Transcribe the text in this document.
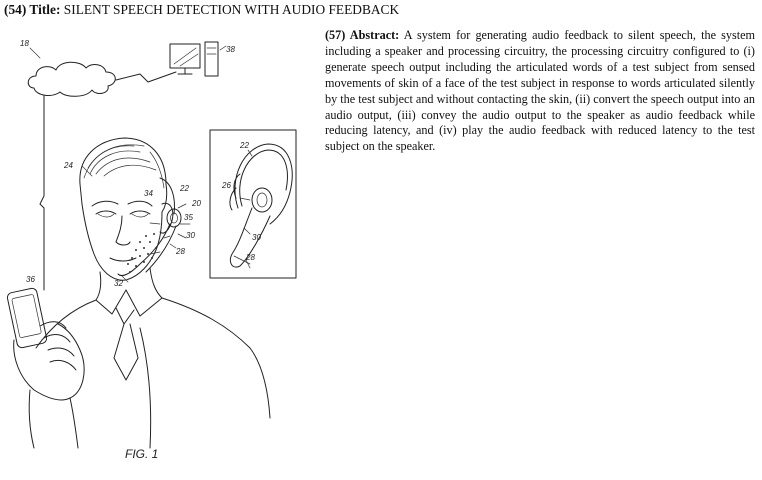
(54) Title: SILENT SPEECH DETECTION WITH AUDIO FEEDBACK
18
38
24
22
34
20
35
30
28
32
36
22
26
30
28
FIG. 1
(57) Abstract: A system for generating audio feedback to silent speech, the system including a speaker and processing circuitry, the processing circuitry configured to (i) generate speech output including the articulated words of a test subject from sensed movements of skin of a face of the test subject in response to words articulated silently by the test subject and without contacting the skin, (ii) convert the speech output into an audio output, (iii) convey the audio output to the speaker as audio feedback while reducing latency, and (iv) play the audio feedback with reduced latency to the test subject on the speaker.
